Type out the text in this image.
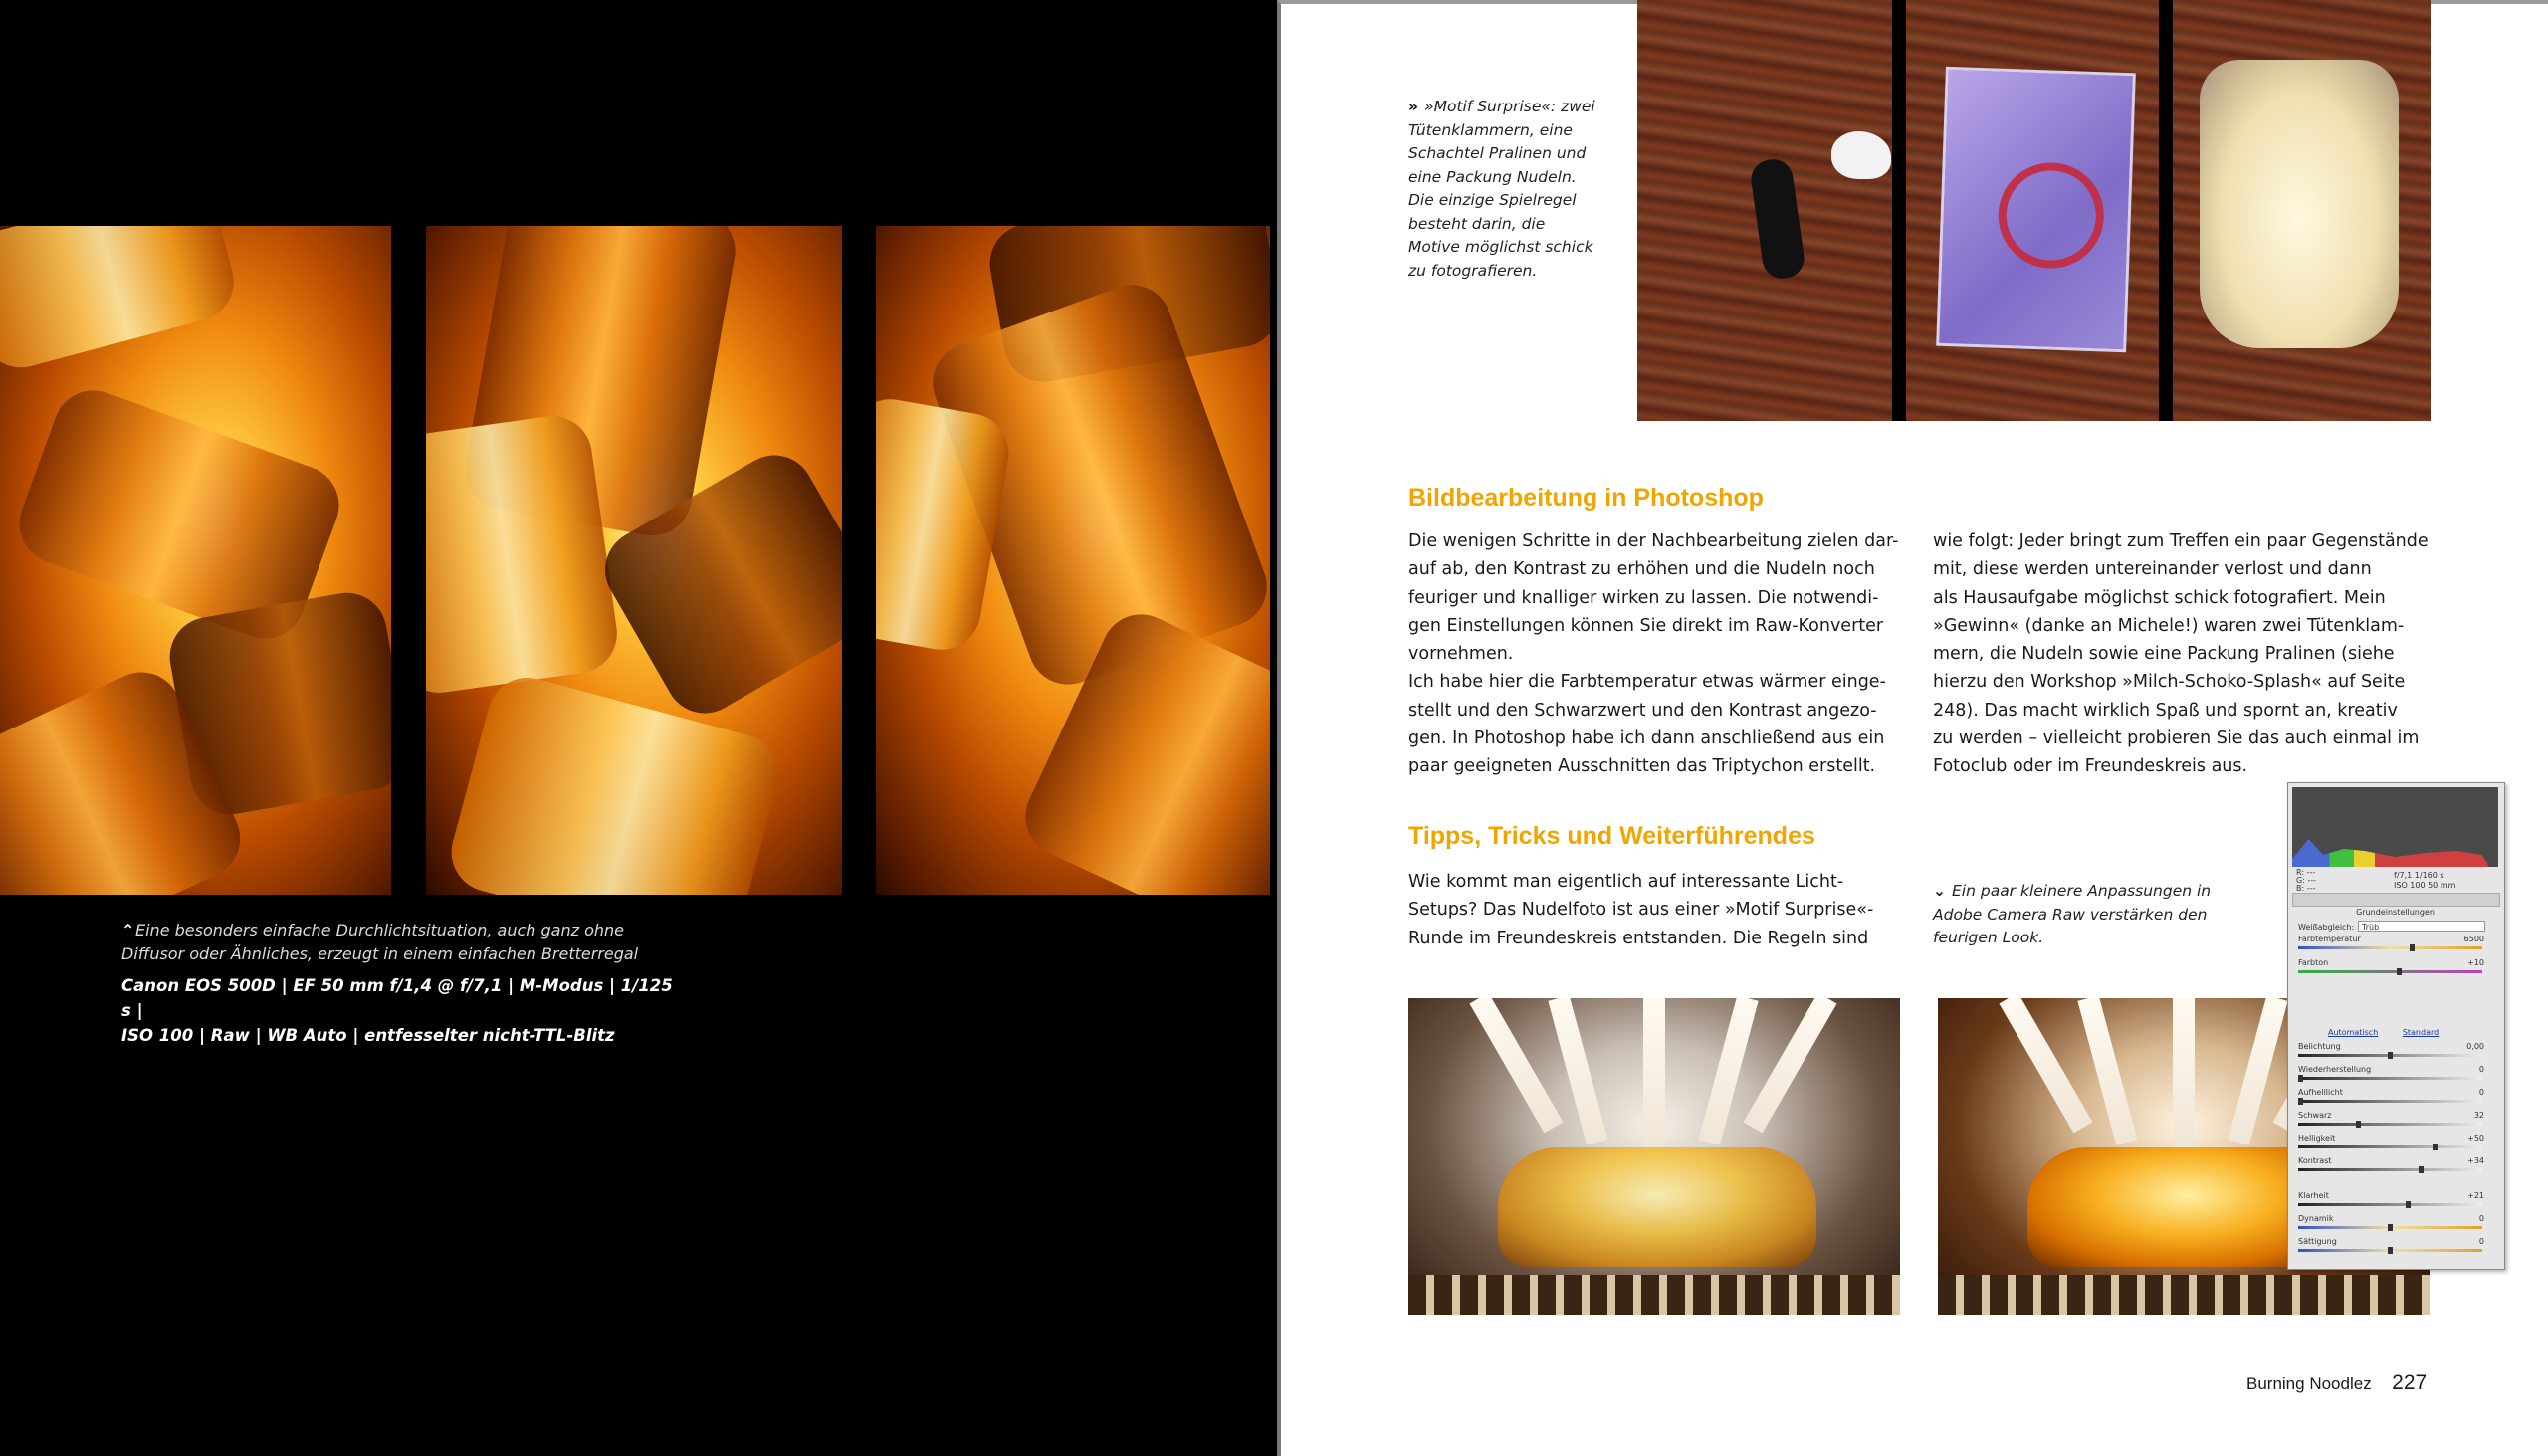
⌃Eine besonders einfache Durchlichtsituation, auch ganz ohne
Diffusor oder Ähnliches, erzeugt in einem einfachen Bretterregal
Canon EOS 500D | EF 50 mm f/1,4 @ f/7,1 | M-Modus | 1/125 s |
ISO 100 | Raw | WB Auto | entfesselter nicht-TTL-Blitz
» »Motif Surprise«: zwei Tütenklammern, eine Schachtel Pralinen und eine Packung Nudeln. Die einzige Spielregel besteht darin, die Motive möglichst schick zu fotografieren.
Bildbearbeitung in Photoshop
Die wenigen Schritte in der Nachbearbeitung zielen dar-
auf ab, den Kontrast zu erhöhen und die Nudeln noch
feuriger und knalliger wirken zu lassen. Die notwendi-
gen Einstellungen können Sie direkt im Raw-Konverter
vornehmen.
Ich habe hier die Farbtemperatur etwas wärmer einge-
stellt und den Schwarzwert und den Kontrast angezo-
gen. In Photoshop habe ich dann anschließend aus ein
paar geeigneten Ausschnitten das Triptychon erstellt.
wie folgt: Jeder bringt zum Treffen ein paar Gegenstände
mit, diese werden untereinander verlost und dann
als Hausaufgabe möglichst schick fotografiert. Mein
»Gewinn« (danke an Michele!) waren zwei Tütenklam-
mern, die Nudeln sowie eine Packung Pralinen (siehe
hierzu den Workshop »Milch-Schoko-Splash« auf Seite
248). Das macht wirklich Spaß und spornt an, kreativ
zu werden – vielleicht probieren Sie das auch einmal im
Fotoclub oder im Freundeskreis aus.
Tipps, Tricks und Weiterführendes
Wie kommt man eigentlich auf interessante Licht-
Setups? Das Nudelfoto ist aus einer »Motif Surprise«-
Runde im Freundeskreis entstanden. Die Regeln sind
⌄ Ein paar kleinere Anpassungen in Adobe Camera Raw verstärken den feurigen Look.
R: ---
G: ---
B: ---
f/7,1 1/160 s
ISO 100 50 mm
Grundeinstellungen
Weißabgleich: Trüb
Farbtemperatur	6500
Farbton	+10
Automatisch	Standard
Belichtung	0,00
Wiederherstellung	0
Aufhelllicht	0
Schwarz	32
Helligkeit	+50
Kontrast	+34
Klarheit	+21
Dynamik	0
Sättigung	0
Burning Noodlez 227
